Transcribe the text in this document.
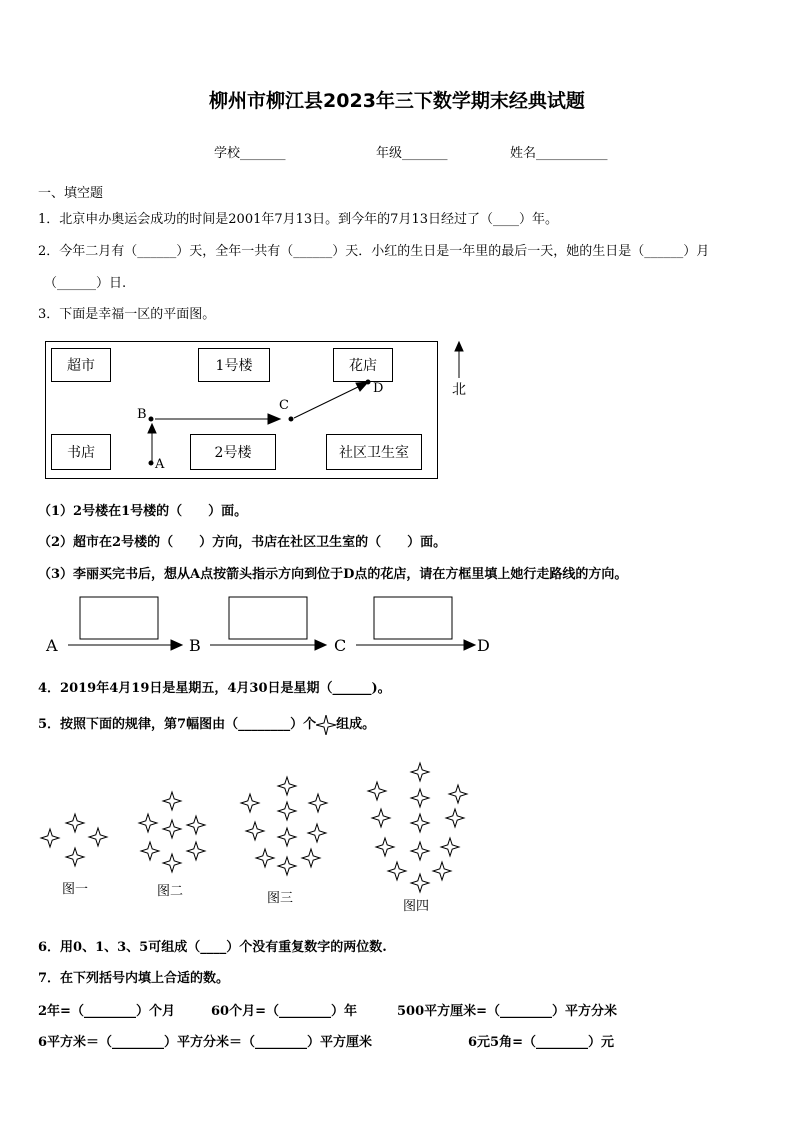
柳州市柳江县2023年三下数学期末经典试题
学校_______	年级_______	姓名___________
一、填空题
1．北京申办奥运会成功的时间是2001年7月13日。到今年的7月13日经过了（____）年。
2．今年二月有（______）天，全年一共有（______）天．小红的生日是一年里的最后一天，她的生日是（______）月
（______）日.
3．下面是幸福一区的平面图。
超市	1号楼	花店
书店	2号楼	社区卫生室
B
A
C
D	北
（1）2号楼在1号楼的（　　）面。
（2）超市在2号楼的（　　）方向，书店在社区卫生室的（　　）面。
（3）李丽买完书后，想从A点按箭头指示方向到位于D点的花店，请在方框里填上她行走路线的方向。
A	B	C	D
4．2019年4月19日是星期五，4月30日是星期（______)。
5．按照下面的规律，第7幅图由（________）个 组成。
图一	图二	图三
图四
6．用0、1、3、5可组成（____）个没有重复数字的两位数.
7．在下列括号内填上合适的数。
2年=（________）个月	60个月=（________）年	500平方厘米=（________）平方分米
6平方米＝（________）平方分米＝（________）平方厘米	6元5角=（________）元
